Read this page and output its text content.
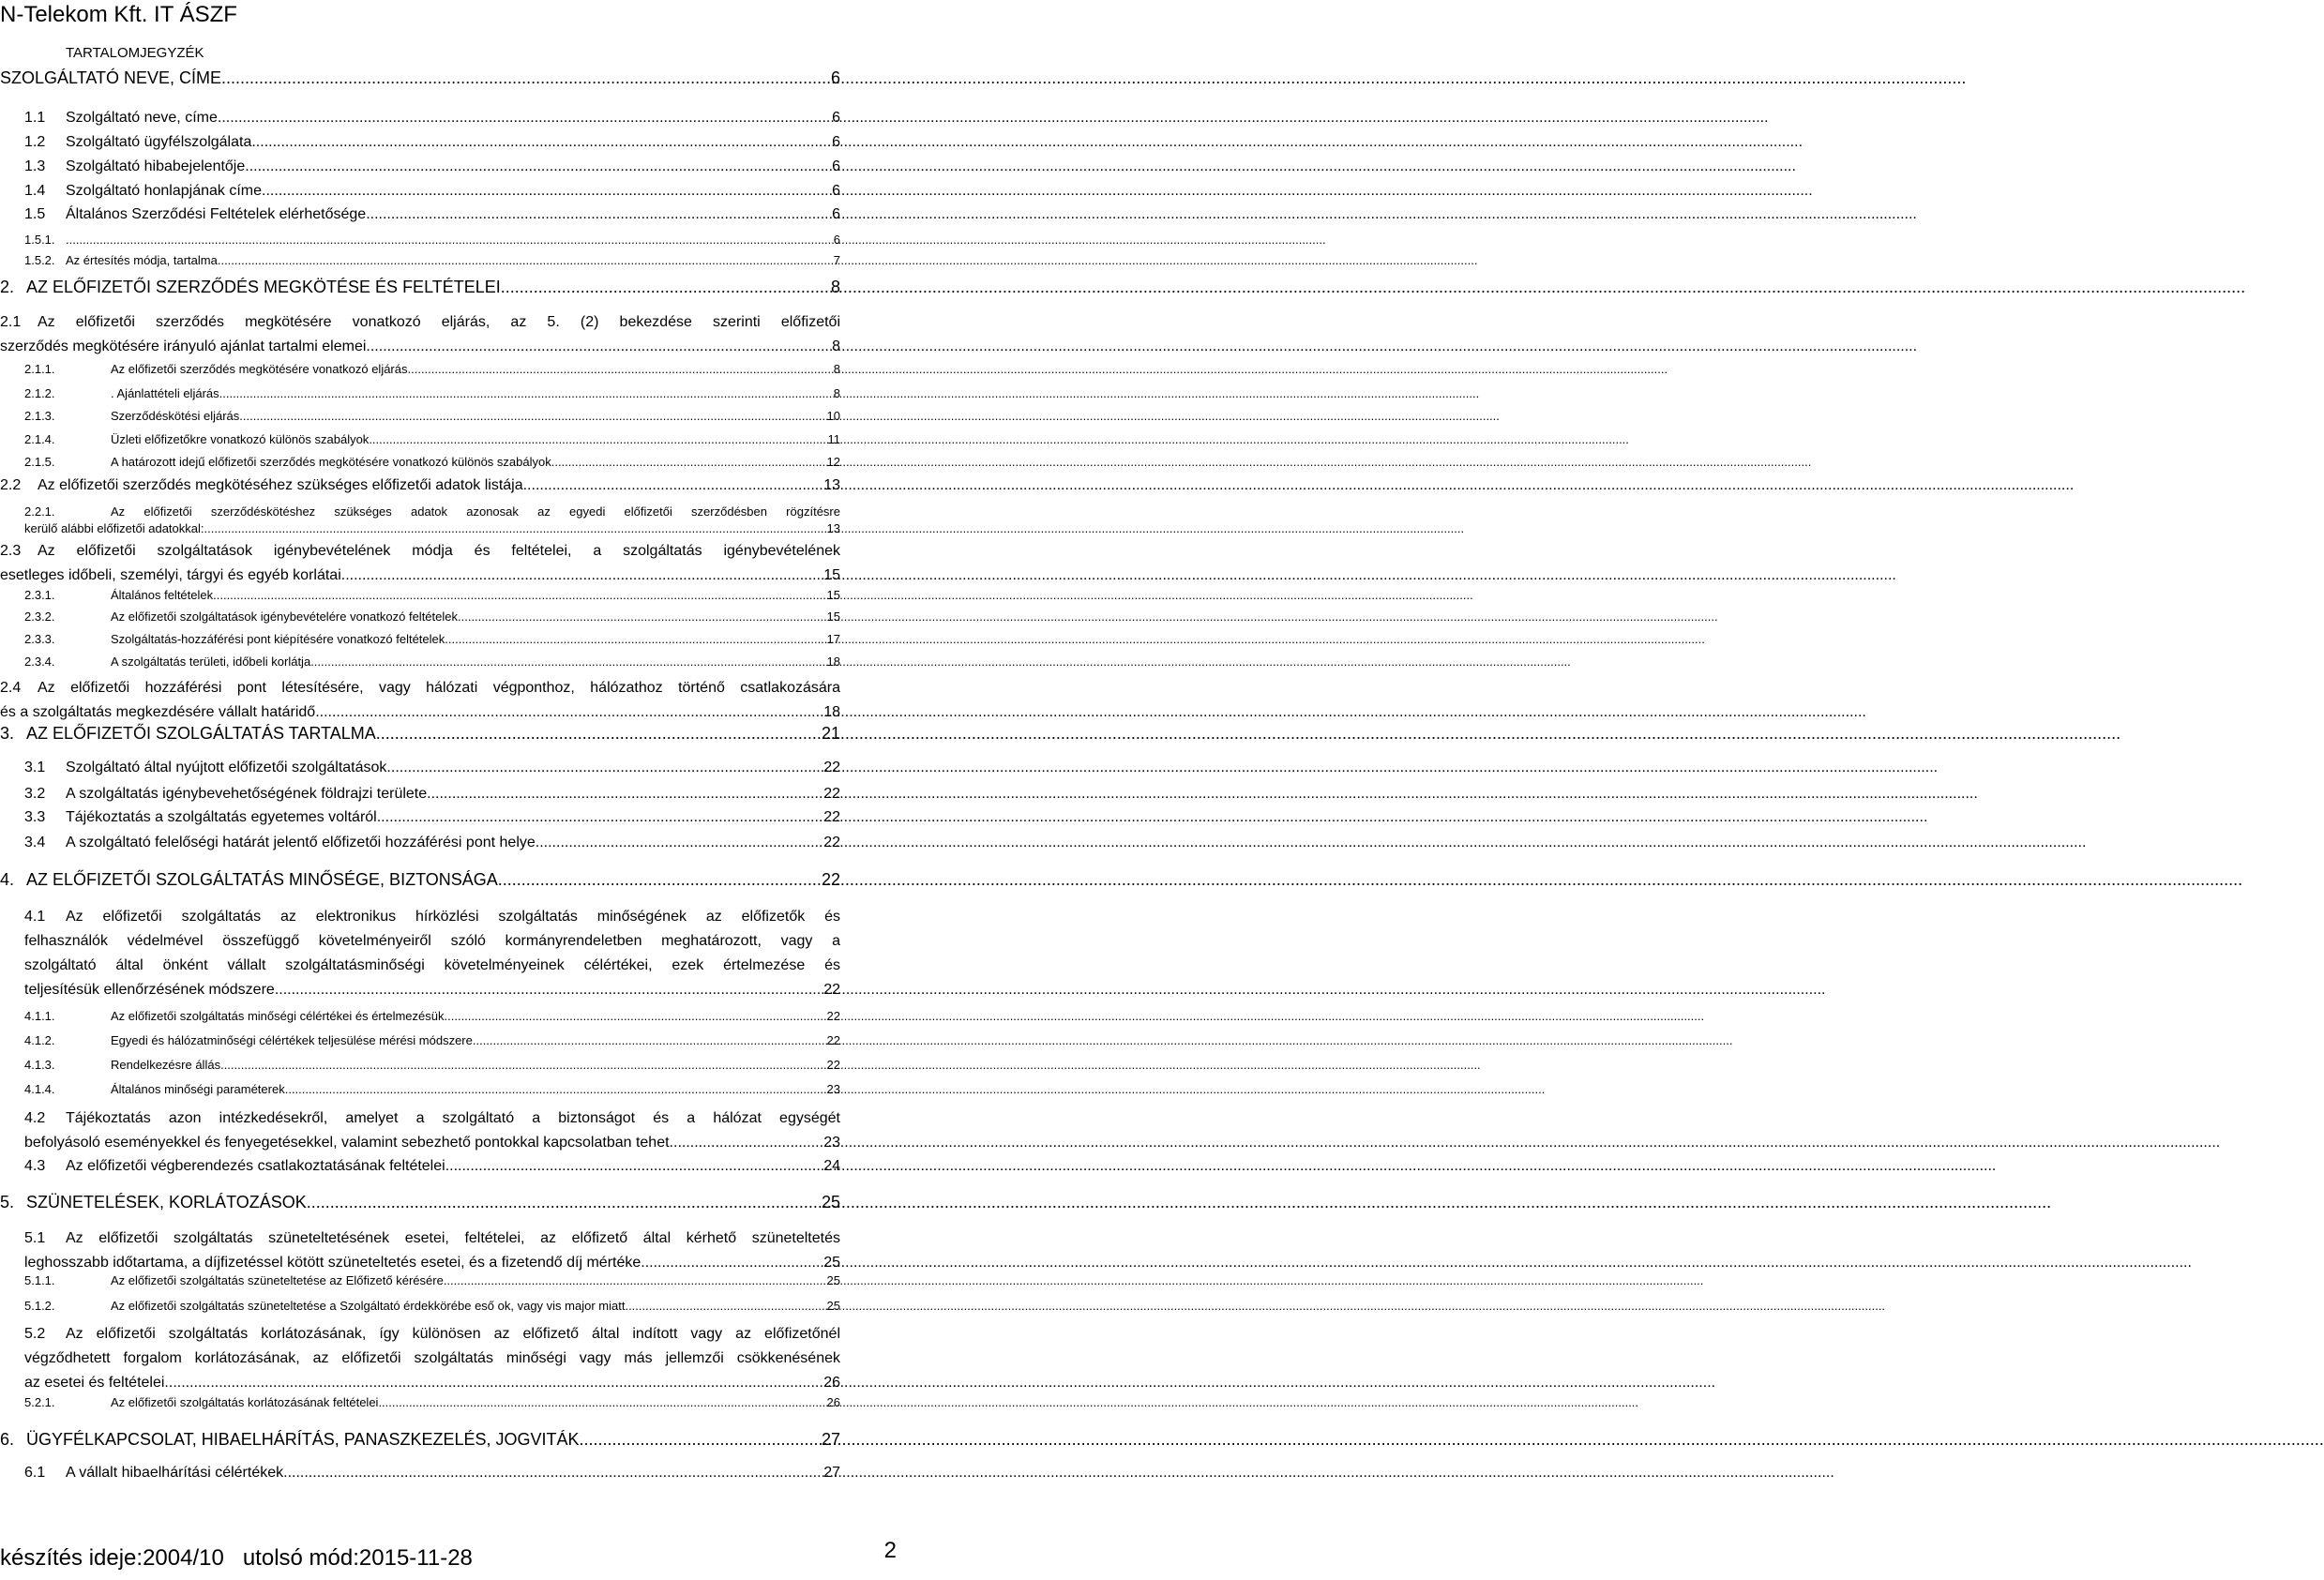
N-Telekom Kft. IT ÁSZF
TARTALOMJEGYZÉK
SZOLGÁLTATÓ NEVE, CÍME .....	6
1.1	Szolgáltató neve, címe .....	6
1.2	Szolgáltató ügyfélszolgálata .....	6
1.3	Szolgáltató hibabejelentője .....	6
1.4	Szolgáltató honlapjának címe .....	6
1.5	Általános Szerződési Feltételek elérhetősége .....	6
1.5.1. .....	6
1.5.2. Az értesítés módja, tartalma .....	7
2. AZ ELŐFIZETŐI SZERZŐDÉS MEGKÖTÉSE ÉS FELTÉTELEI .....	8
2.1	Az előfizetői szerződés megkötésére vonatkozó eljárás, az 5. (2) bekezdése szerinti előfizetői
szerződés megkötésére irányuló ajánlat tartalmi elemei .....	8
2.1.1.	Az előfizetői szerződés megkötésére vonatkozó eljárás .....	8
2.1.2.	. Ajánlattételi eljárás .....	8
2.1.3.	Szerződéskötési eljárás .....	10
2.1.4.	Üzleti előfizetőkre vonatkozó különös szabályok .....	11
2.1.5.	A határozott idejű előfizetői szerződés megkötésére vonatkozó különös szabályok .....	12
2.2	Az előfizetői szerződés megkötéséhez szükséges előfizetői adatok listája .....	13
2.2.1.	Az előfizetői szerződéskötéshez szükséges adatok azonosak az egyedi előfizetői szerződésben rögzítésre
kerülő alábbi előfizetői adatokkal: .....	13
2.3	Az előfizetői szolgáltatások igénybevételének módja és feltételei, a szolgáltatás igénybevételének
esetleges időbeli, személyi, tárgyi és egyéb korlátai. .....	15
2.3.1.	Általános feltételek .....	15
2.3.2.	Az előfizetői szolgáltatások igénybevételére vonatkozó feltételek .....	15
2.3.3.	Szolgáltatás-hozzáférési pont kiépítésére vonatkozó feltételek .....	17
2.3.4.	A szolgáltatás területi, időbeli korlátja .....	18
2.4	Az előfizetői hozzáférési pont létesítésére, vagy hálózati végponthoz, hálózathoz történő csatlakozására
és a szolgáltatás megkezdésére vállalt határidő .....	18
3. AZ ELŐFIZETŐI SZOLGÁLTATÁS TARTALMA .....	21
3.1	Szolgáltató által nyújtott előfizetői szolgáltatások .....	22
3.2	A szolgáltatás igénybevehetőségének földrajzi területe .....	22
3.3	Tájékoztatás a szolgáltatás egyetemes voltáról .....	22
3.4	A szolgáltató felelőségi határát jelentő előfizetői hozzáférési pont helye .....	22
4. AZ ELŐFIZETŐI SZOLGÁLTATÁS MINŐSÉGE, BIZTONSÁGA .....	22
4.1	Az előfizetői szolgáltatás az elektronikus hírközlési szolgáltatás minőségének az előfizetők és
felhasználók védelmével összefüggő követelményeiről szóló kormányrendeletben meghatározott, vagy a
szolgáltató által önként vállalt szolgáltatásminőségi követelményeinek célértékei, ezek értelmezése és
teljesítésük ellenőrzésének módszere .....	22
4.1.1.	Az előfizetői szolgáltatás minőségi célértékei és értelmezésük .....	22
4.1.2.	Egyedi és hálózatminőségi célértékek teljesülése mérési módszere .....	22
4.1.3.	Rendelkezésre állás .....	22
4.1.4.	Általános minőségi paraméterek .....	23
4.2	Tájékoztatás azon intézkedésekről, amelyet a szolgáltató a biztonságot és a hálózat egységét
befolyásoló eseményekkel és fenyegetésekkel, valamint sebezhető pontokkal kapcsolatban tehet .....	23
4.3	Az előfizetői végberendezés csatlakoztatásának feltételei .....	24
5. SZÜNETELÉSEK, KORLÁTOZÁSOK .....	25
5.1	Az előfizetői szolgáltatás szüneteltetésének esetei, feltételei, az előfizető által kérhető szüneteltetés
leghosszabb időtartama, a díjfizetéssel kötött szüneteltetés esetei, és a fizetendő díj mértéke .....	25
5.1.1.	Az előfizetői szolgáltatás szüneteltetése az Előfizető kérésére .....	25
5.1.2.	Az előfizetői szolgáltatás szüneteltetése a Szolgáltató érdekkörébe eső ok, vagy vis major miatt .....	25
5.2	Az előfizetői szolgáltatás korlátozásának, így különösen az előfizető által indított vagy az előfizetőnél
végződhetett forgalom korlátozásának, az előfizetői szolgáltatás minőségi vagy más jellemzői csökkenésének
az esetei és feltételei .....	26
5.2.1.	Az előfizetői szolgáltatás korlátozásának feltételei .....	26
6. ÜGYFÉLKAPCSOLAT, HIBAELHÁRÍTÁS, PANASZKEZELÉS, JOGVITÁK .....	27
6.1	A vállalt hibaelhárítási célértékek .....	27
készítés ideje:2004/10   utolsó mód:2015-11-28	2
